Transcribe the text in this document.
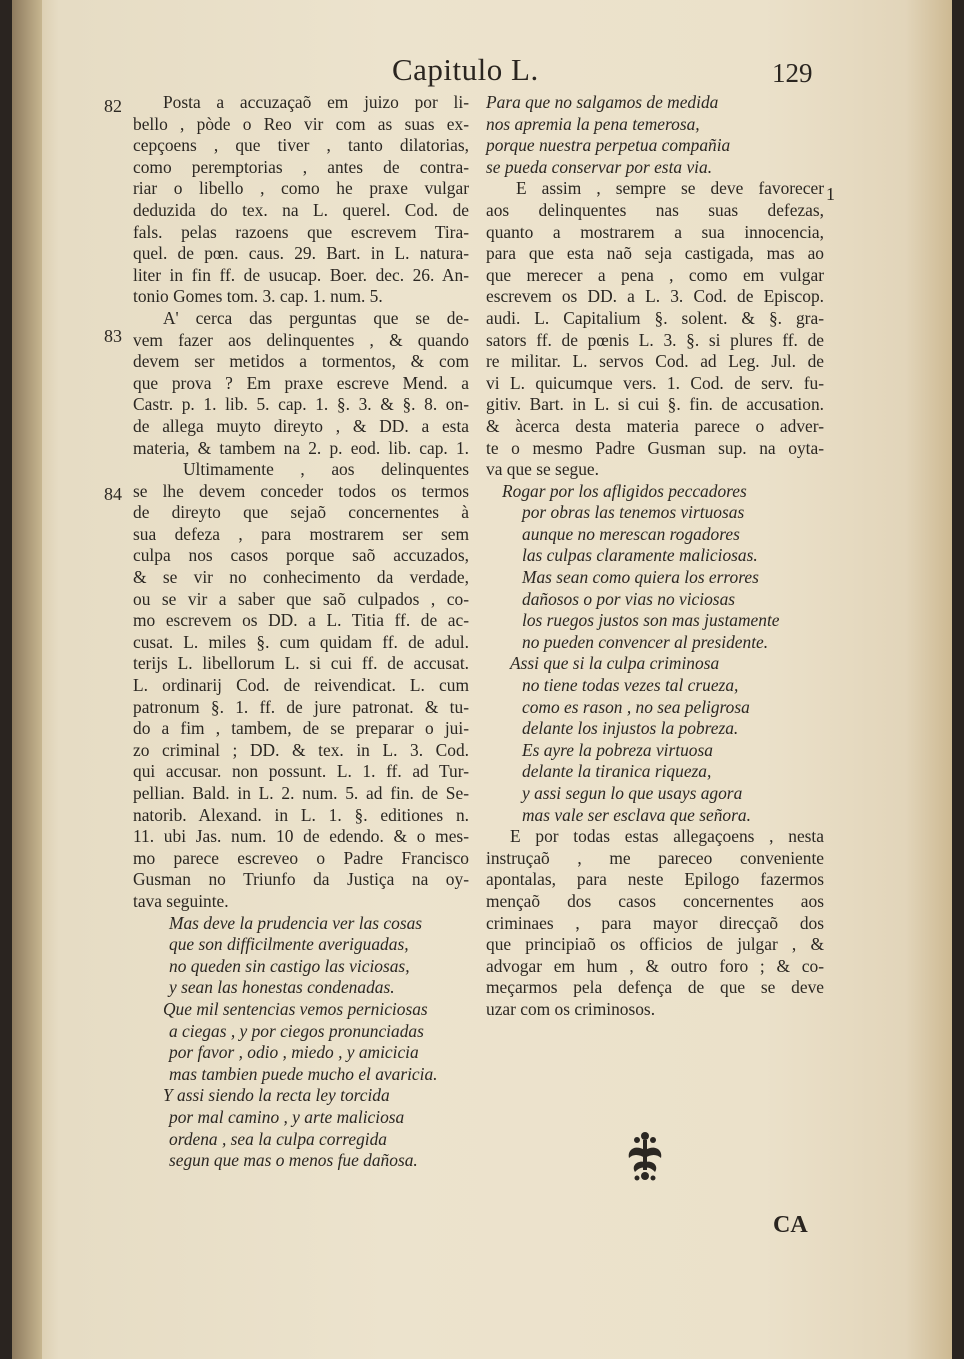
Capitulo L.	129
82
83
84
1
Posta a accuzaçaõ em juizo por li-
bello , pòde o Reo vir com as suas ex-
cepçoens , que tiver , tanto dilatorias,
como peremptorias , antes de contra-
riar o libello , como he praxe vulgar
deduzida do tex. na L. querel. Cod. de
fals. pelas razoens que escrevem Tira-
quel. de pœn. caus. 29. Bart. in L. natura-
liter in fin ff. de usucap. Boer. dec. 26. An-
tonio Gomes tom. 3. cap. 1. num. 5.
A' cerca das perguntas que se de-
vem fazer aos delinquentes , & quando
devem ser metidos a tormentos, & com
que prova ? Em praxe escreve Mend. a
Castr. p. 1. lib. 5. cap. 1. §. 3. & §. 8. on-
de allega muyto direyto , & DD. a esta
materia, & tambem na 2. p. eod. lib. cap. 1.
Ultimamente , aos delinquentes
se lhe devem conceder todos os termos
de direyto que sejaõ concernentes à
sua defeza , para mostrarem ser sem
culpa nos casos porque saõ accuzados,
& se vir no conhecimento da verdade,
ou se vir a saber que saõ culpados , co-
mo escrevem os DD. a L. Titia ff. de ac-
cusat. L. miles §. cum quidam ff. de adul.
terijs L. libellorum L. si cui ff. de accusat.
L. ordinarij Cod. de reivendicat. L. cum
patronum §. 1. ff. de jure patronat. & tu-
do a fim , tambem, de se preparar o jui-
zo criminal ; DD. & tex. in L. 3. Cod.
qui accusar. non possunt. L. 1. ff. ad Tur-
pellian. Bald. in L. 2. num. 5. ad fin. de Se-
natorib. Alexand. in L. 1. §. editiones n.
11. ubi Jas. num. 10 de edendo. & o mes-
mo parece escreveo o Padre Francisco
Gusman no Triunfo da Justiça na oy-
tava seguinte.
Mas deve la prudencia ver las cosas
que son difficilmente averiguadas,
no queden sin castigo las viciosas,
y sean las honestas condenadas.
Que mil sentencias vemos perniciosas
a ciegas , y por ciegos pronunciadas
por favor , odio , miedo , y amicicia
mas tambien puede mucho el avaricia.
Y assi siendo la recta ley torcida
por mal camino , y arte maliciosa
ordena , sea la culpa corregida
segun que mas o menos fue dañosa.
Para que no salgamos de medida
nos apremia la pena temerosa,
porque nuestra perpetua compañia
se pueda conservar por esta via.
E assim , sempre se deve favorecer
aos delinquentes nas suas defezas,
quanto a mostrarem a sua innocencia,
para que esta naõ seja castigada, mas ao
que merecer a pena , como em vulgar
escrevem os DD. a L. 3. Cod. de Episcop.
audi. L. Capitalium §. solent. & §. gra-
sators ff. de pœnis L. 3. §. si plures ff. de
re militar. L. servos Cod. ad Leg. Jul. de
vi L. quicumque vers. 1. Cod. de serv. fu-
gitiv. Bart. in L. si cui §. fin. de accusation.
& àcerca desta materia parece o adver-
te o mesmo Padre Gusman sup. na oyta-
va que se segue.
Rogar por los afligidos peccadores
por obras las tenemos virtuosas
aunque no merescan rogadores
las culpas claramente maliciosas.
Mas sean como quiera los errores
dañosos o por vias no viciosas
los ruegos justos son mas justamente
no pueden convencer al presidente.
Assi que si la culpa criminosa
no tiene todas vezes tal crueza,
como es rason , no sea peligrosa
delante los injustos la pobreza.
Es ayre la pobreza virtuosa
delante la tiranica riqueza,
y assi segun lo que usays agora
mas vale ser esclava que señora.
E por todas estas allegaçoens , nesta
instruçaõ , me pareceo conveniente
apontalas, para neste Epilogo fazermos
mençaõ dos casos concernentes aos
criminaes , para mayor direcçaõ dos
que principiaõ os officios de julgar , &
advogar em hum , & outro foro ; & co-
meçarmos pela defença de que se deve
uzar com os criminosos.
CA
